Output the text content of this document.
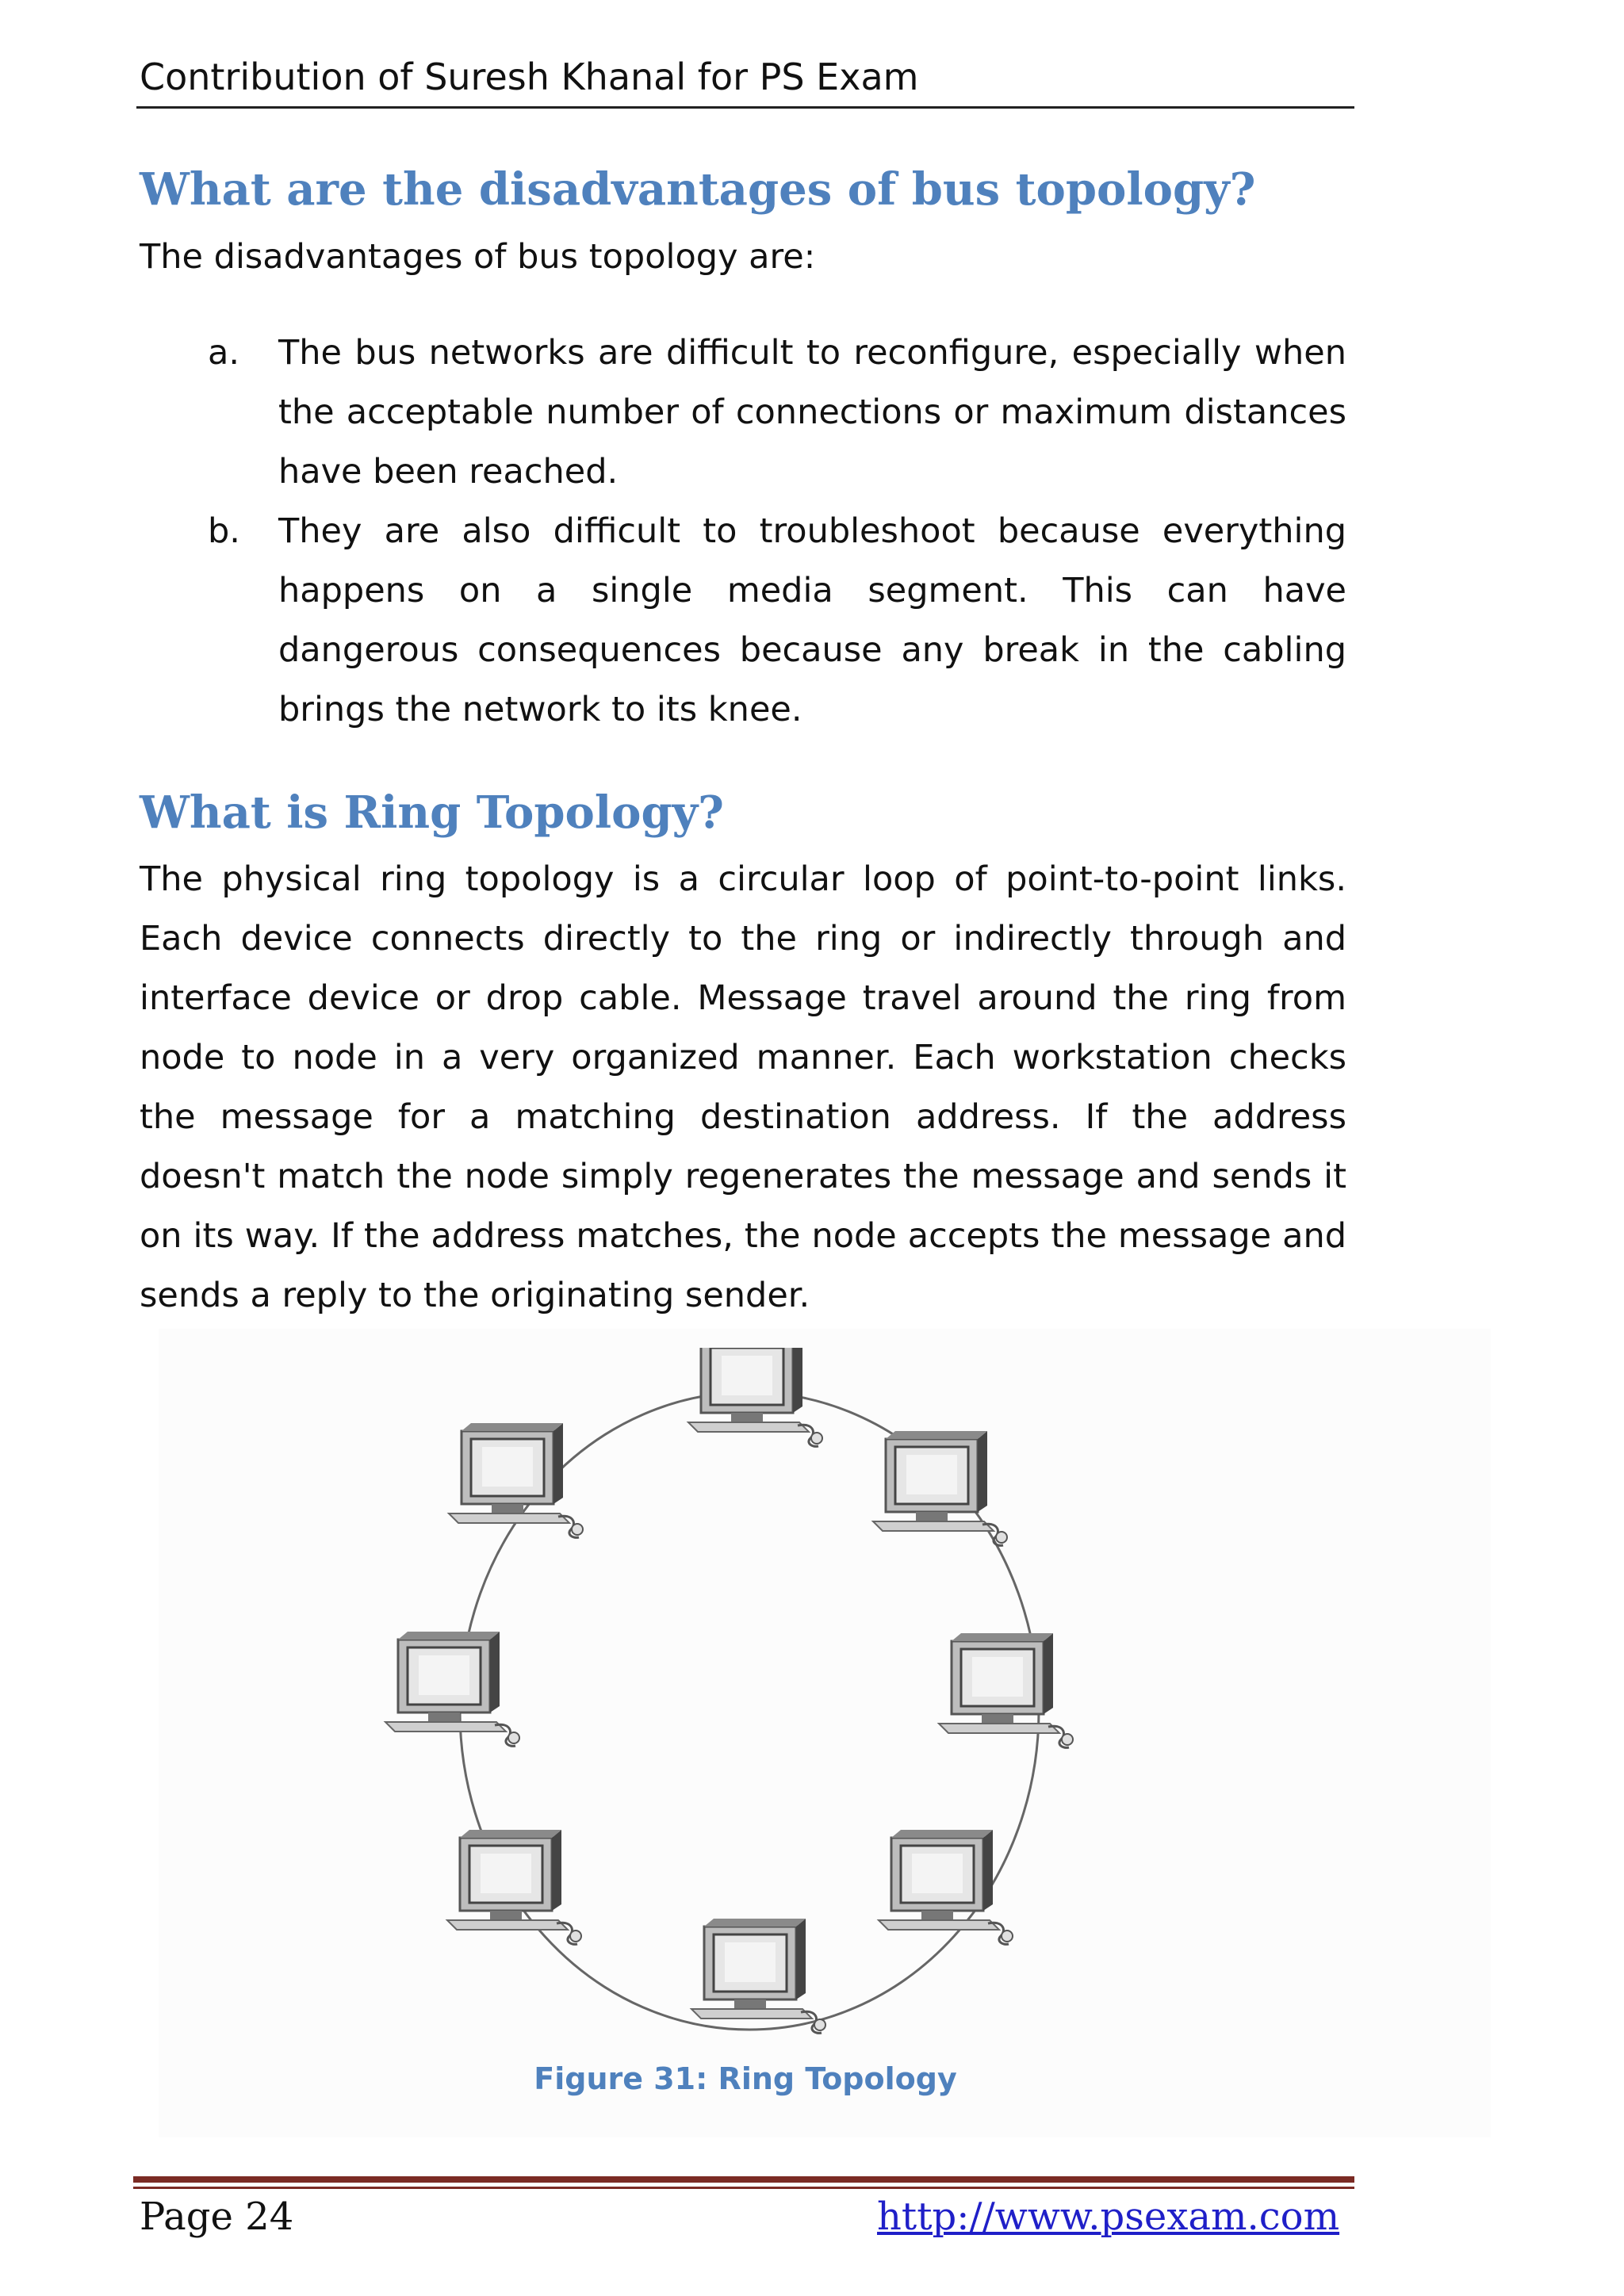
Contribution of Suresh Khanal for PS Exam
What are the disadvantages of bus topology?

The disadvantages of bus topology are:

a. The bus networks are difficult to reconfigure, especially when the acceptable number of connections or maximum distances have been reached.

b. They are also difficult to troubleshoot because everything happens on a single media segment. This can have dangerous consequences because any break in the cabling brings the network to its knee.

What is Ring Topology?

The physical ring topology is a circular loop of point-to-point links. Each device connects directly to the ring or indirectly through and interface device or drop cable. Message travel around the ring from node to node in a very organized manner. Each workstation checks the message for a matching destination address. If the address doesn't match the node simply regenerates the message and sends it on its way. If the address matches, the node accepts the message and sends a reply to the originating sender.

Figure 31: Ring Topology
Page 24	http://www.psexam.com
